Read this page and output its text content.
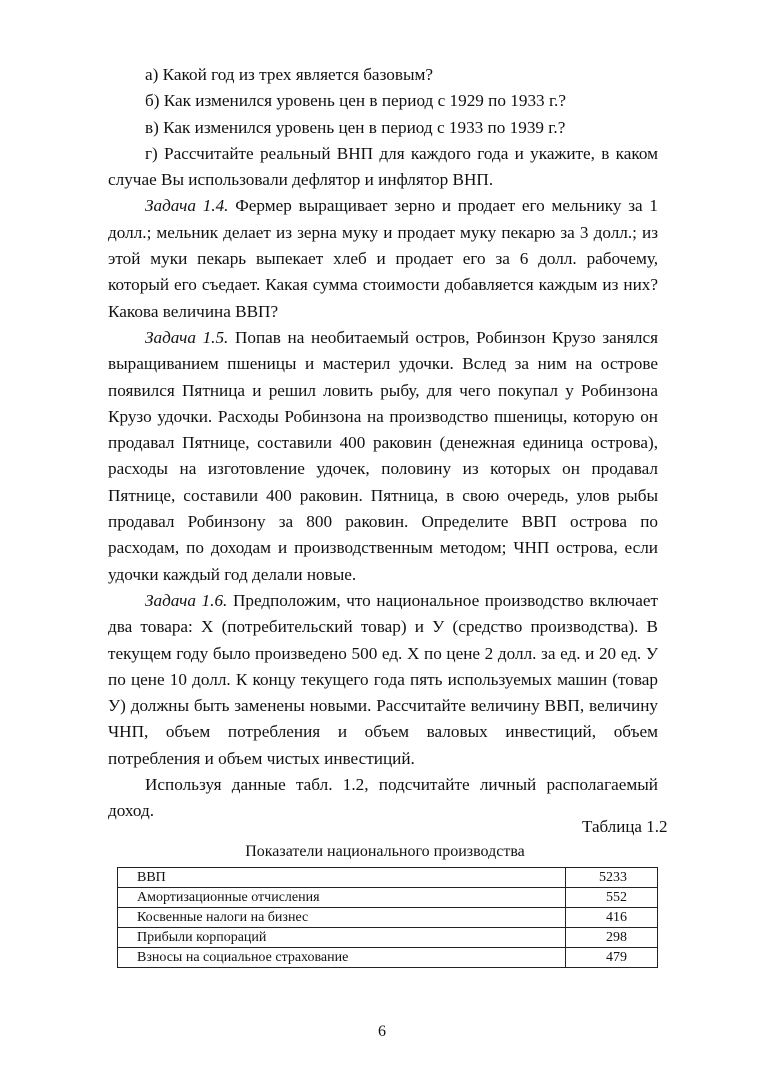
а) Какой год из трех является базовым?

б) Как изменился уровень цен в период с 1929 по 1933 г.?

в) Как изменился уровень цен в период с 1933 по 1939 г.?

г) Рассчитайте реальный ВНП для каждого года и укажите, в каком случае Вы использовали дефлятор и инфлятор ВНП.

Задача 1.4. Фермер выращивает зерно и продает его мельнику за 1 долл.; мельник делает из зерна муку и продает муку пекарю за 3 долл.; из этой муки пекарь выпекает хлеб и продает его за 6 долл. рабочему, который его съедает. Какая сумма стоимости добавляется каждым из них? Какова величина ВВП?

Задача 1.5. Попав на необитаемый остров, Робинзон Крузо занялся выращиванием пшеницы и мастерил удочки. Вслед за ним на острове появился Пятница и решил ловить рыбу, для чего покупал у Робинзона Крузо удочки. Расходы Робинзона на производство пшеницы, которую он продавал Пятнице, составили 400 раковин (денежная единица острова), расходы на изготовление удочек, половину из которых он продавал Пятнице, составили 400 раковин. Пятница, в свою очередь, улов рыбы продавал Робинзону за 800 раковин. Определите ВВП острова по расходам, по доходам и производственным методом; ЧНП острова, если удочки каждый год делали новые.

Задача 1.6. Предположим, что национальное производство включает два товара: Х (потребительский товар) и У (средство производства). В текущем году было произведено 500 ед. Х по цене 2 долл. за ед. и 20 ед. У по цене 10 долл. К концу текущего года пять используемых машин (товар У) должны быть заменены новыми. Рассчитайте величину ВВП, величину ЧНП, объем потребления и объем валовых инвестиций, объем потребления и объем чистых инвестиций.

Используя данные табл. 1.2, подсчитайте личный располагаемый доход.

Таблица 1.2
Показатели национального производства
ВВП	5233
Амортизационные отчисления	552
Косвенные налоги на бизнес	416
Прибыли корпораций	298
Взносы на социальное страхование	479
6
